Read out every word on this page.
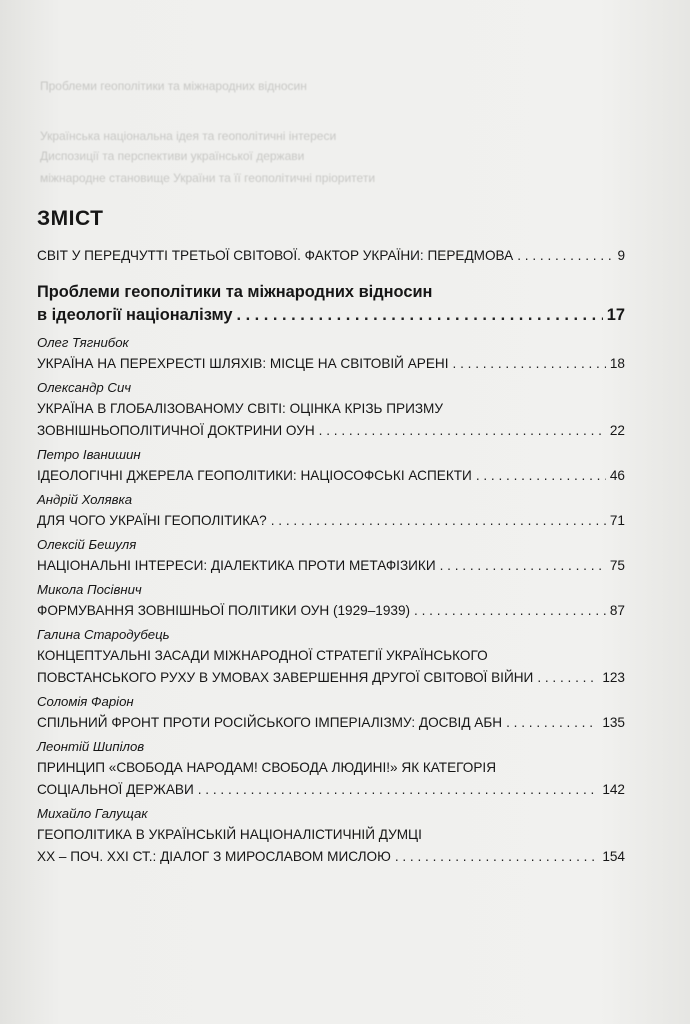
Проблеми геополітики та міжнародних відносин
Українська національна ідея та геополітичні інтереси
Диспозиції та перспективи української держави
міжнародне становище України та її геополітичні пріоритети
ЗМІСТ
СВІТ У ПЕРЕДЧУТТІ ТРЕТЬОЇ СВІТОВОЇ. ФАКТОР УКРАЇНИ: ПЕРЕДМОВА . . .	9
Проблеми геополітики та міжнародних відносин
в ідеології націоналізму . . .	17
Олег Тягнибок
УКРАЇНА НА ПЕРЕХРЕСТІ ШЛЯХІВ: МІСЦЕ НА СВІТОВІЙ АРЕНІ . . .	18
Олександр Сич
УКРАЇНА В ГЛОБАЛІЗОВАНОМУ СВІТІ: ОЦІНКА КРІЗЬ ПРИЗМУ
ЗОВНІШНЬОПОЛІТИЧНОЇ ДОКТРИНИ ОУН . . .	22
Петро Іванишин
ІДЕОЛОГІЧНІ ДЖЕРЕЛА ГЕОПОЛІТИКИ: НАЦІОСОФСЬКІ АСПЕКТИ . . .	46
Андрій Холявка
ДЛЯ ЧОГО УКРАЇНІ ГЕОПОЛІТИКА? . . .	71
Олексій Бешуля
НАЦІОНАЛЬНІ ІНТЕРЕСИ: ДІАЛЕКТИКА ПРОТИ МЕТАФІЗИКИ . . .	75
Микола Посівнич
ФОРМУВАННЯ ЗОВНІШНЬОЇ ПОЛІТИКИ ОУН (1929–1939) . . .	87
Галина Стародубець
КОНЦЕПТУАЛЬНІ ЗАСАДИ МІЖНАРОДНОЇ СТРАТЕГІЇ УКРАЇНСЬКОГО
ПОВСТАНСЬКОГО РУХУ В УМОВАХ ЗАВЕРШЕННЯ ДРУГОЇ СВІТОВОЇ ВІЙНИ . . .	123
Соломія Фаріон
СПІЛЬНИЙ ФРОНТ ПРОТИ РОСІЙСЬКОГО ІМПЕРІАЛІЗМУ: ДОСВІД АБН . . .	135
Леонтій Шипілов
ПРИНЦИП «СВОБОДА НАРОДАМ! СВОБОДА ЛЮДИНІ!» ЯК КАТЕГОРІЯ
СОЦІАЛЬНОЇ ДЕРЖАВИ . . .	142
Михайло Галущак
ГЕОПОЛІТИКА В УКРАЇНСЬКІЙ НАЦІОНАЛІСТИЧНІЙ ДУМЦІ
XX – ПОЧ. XXI СТ.: ДІАЛОГ З МИРОСЛАВОМ МИСЛОЮ . . .	154
